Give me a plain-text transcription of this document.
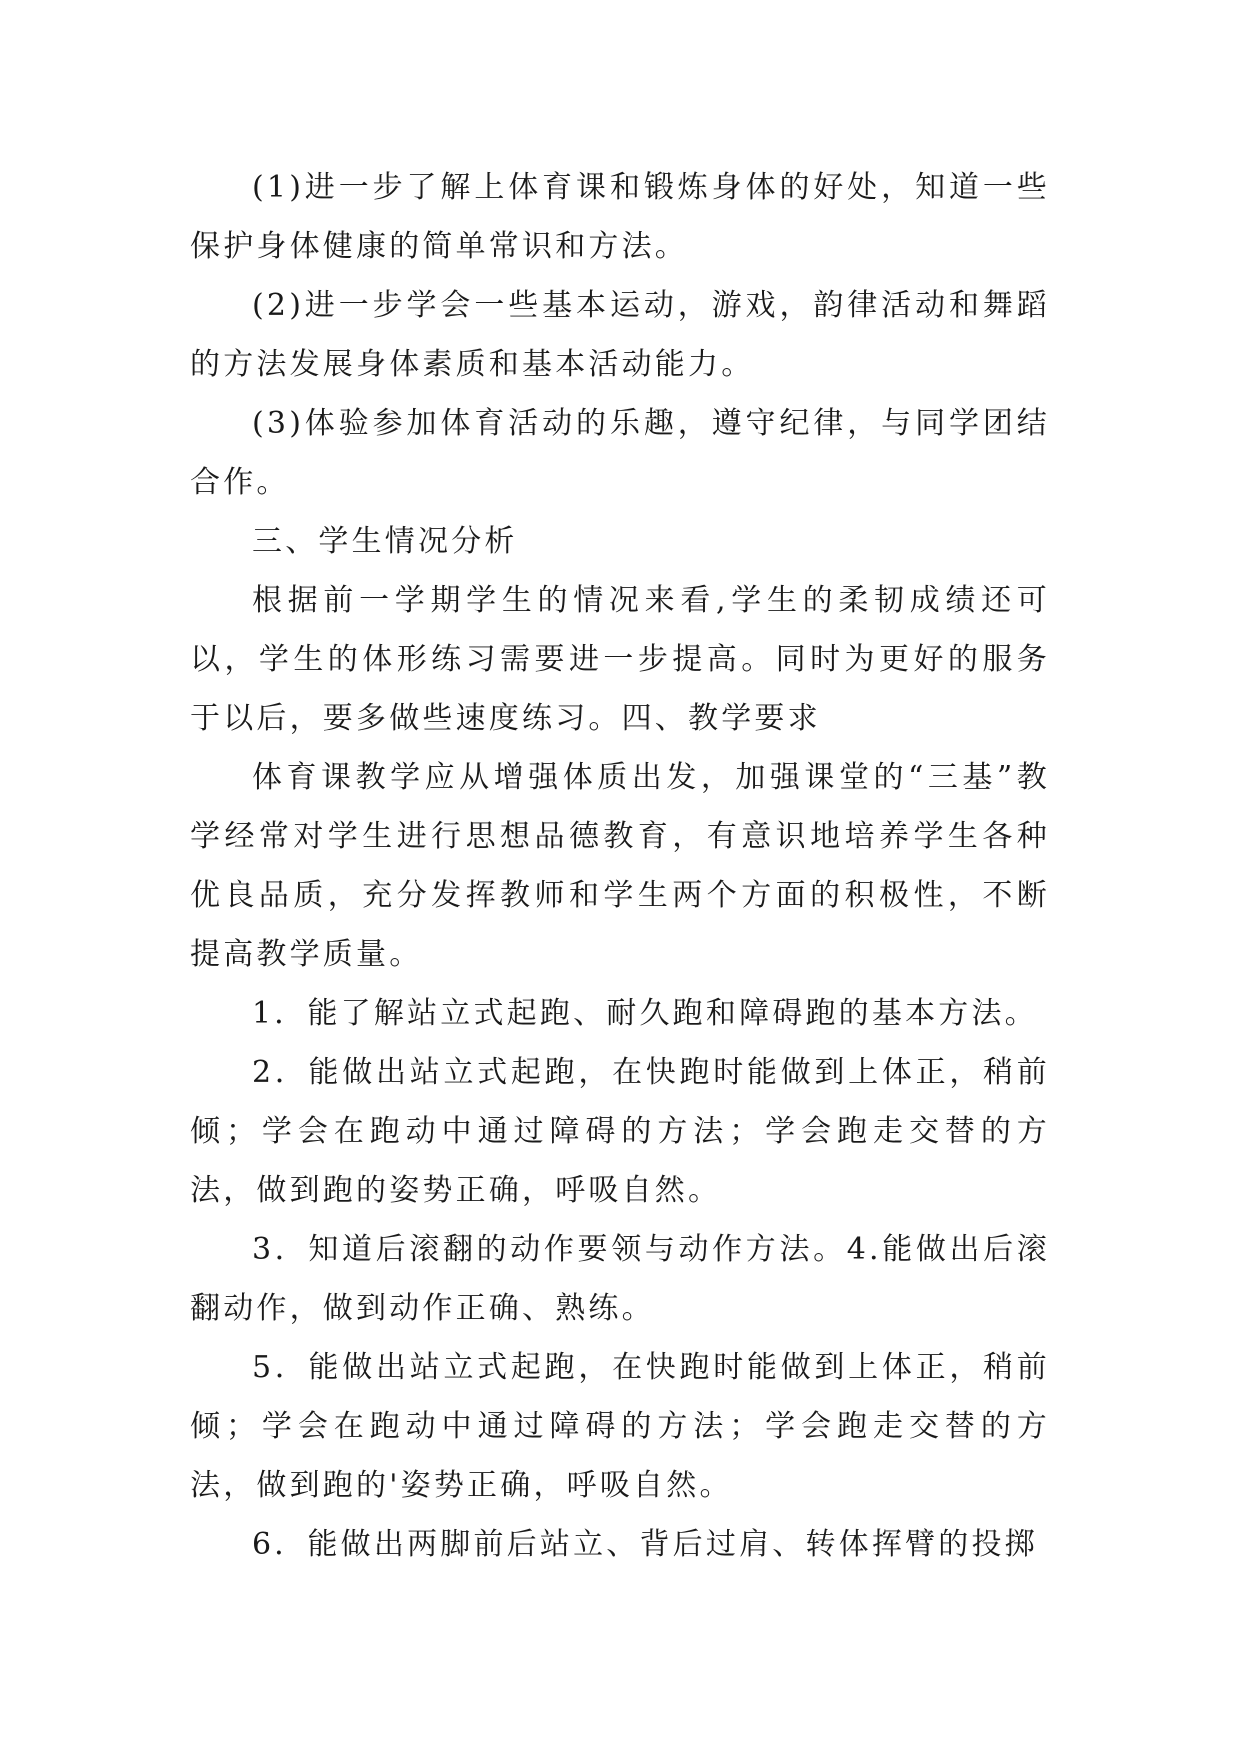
(1)进一步了解上体育课和锻炼身体的好处，知道一些保护身体健康的简单常识和方法。

(2)进一步学会一些基本运动，游戏，韵律活动和舞蹈的方法发展身体素质和基本活动能力。

(3)体验参加体育活动的乐趣，遵守纪律，与同学团结合作。

三、学生情况分析

根据前一学期学生的情况来看,学生的柔韧成绩还可以，学生的体形练习需要进一步提高。同时为更好的服务于以后，要多做些速度练习。四、教学要求

体育课教学应从增强体质出发，加强课堂的“三基”教学经常对学生进行思想品德教育，有意识地培养学生各种优良品质，充分发挥教师和学生两个方面的积极性，不断提高教学质量。

1．能了解站立式起跑、耐久跑和障碍跑的基本方法。

2．能做出站立式起跑，在快跑时能做到上体正，稍前倾；学会在跑动中通过障碍的方法；学会跑走交替的方法，做到跑的姿势正确，呼吸自然。

3．知道后滚翻的动作要领与动作方法。4.能做出后滚翻动作，做到动作正确、熟练。

5．能做出站立式起跑，在快跑时能做到上体正，稍前倾；学会在跑动中通过障碍的方法；学会跑走交替的方法，做到跑的'姿势正确，呼吸自然。

6．能做出两脚前后站立、背后过肩、转体挥臂的投掷
